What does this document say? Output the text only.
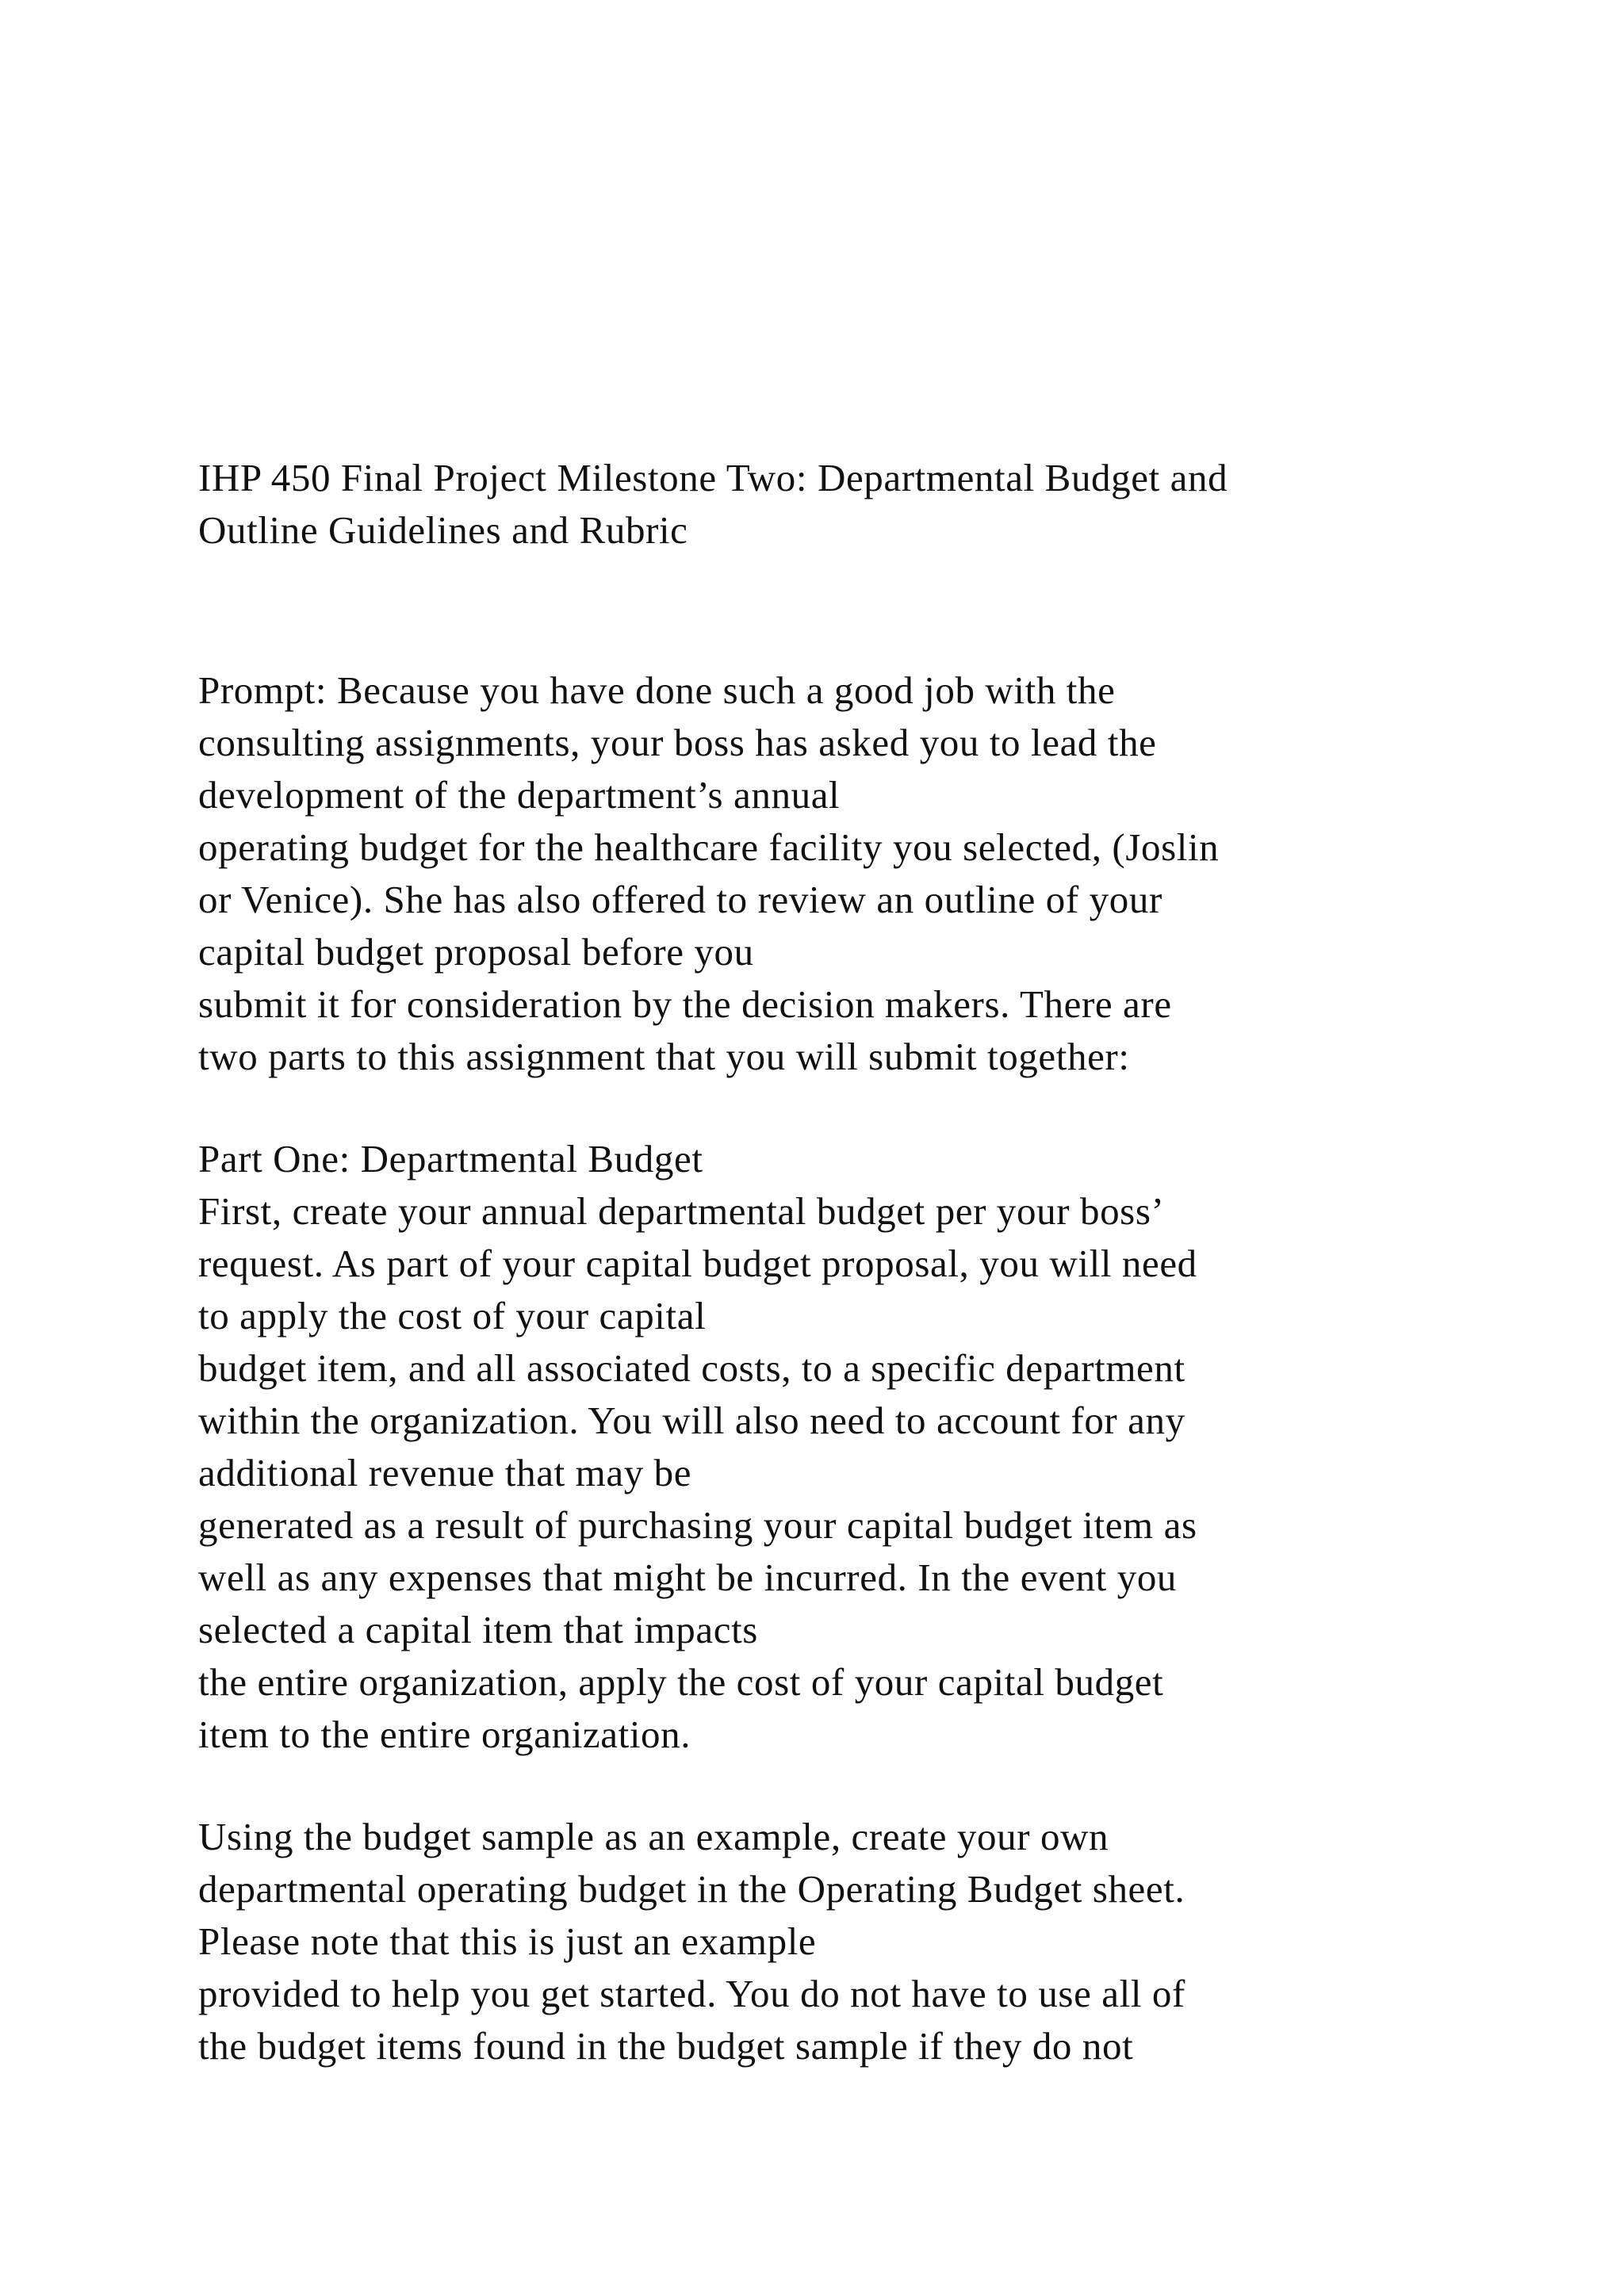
IHP 450 Final Project Milestone Two: Departmental Budget and
Outline Guidelines and Rubric

Prompt: Because you have done such a good job with the
consulting assignments, your boss has asked you to lead the
development of the department’s annual
operating budget for the healthcare facility you selected, (Joslin
or Venice). She has also offered to review an outline of your
capital budget proposal before you
submit it for consideration by the decision makers. There are
two parts to this assignment that you will submit together:

Part One: Departmental Budget
First, create your annual departmental budget per your boss’
request. As part of your capital budget proposal, you will need
to apply the cost of your capital
budget item, and all associated costs, to a specific department
within the organization. You will also need to account for any
additional revenue that may be
generated as a result of purchasing your capital budget item as
well as any expenses that might be incurred. In the event you
selected a capital item that impacts
the entire organization, apply the cost of your capital budget
item to the entire organization.

Using the budget sample as an example, create your own
departmental operating budget in the Operating Budget sheet.
Please note that this is just an example
provided to help you get started. You do not have to use all of
the budget items found in the budget sample if they do not
